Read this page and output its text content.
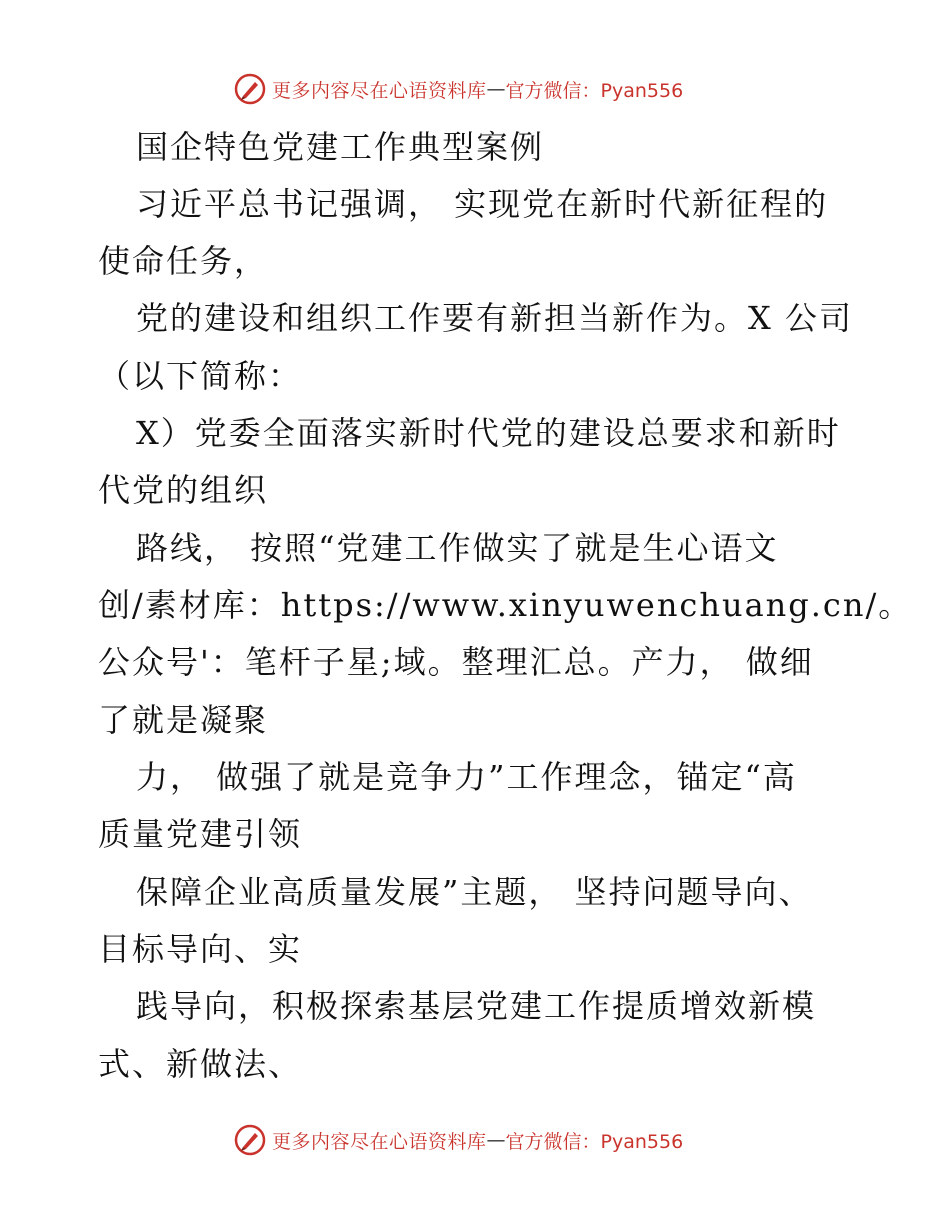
更多内容尽在心语资料库 — 官方微信：Pyan556
国企特色党建工作典型案例
习近平总书记强调， 实现党在新时代新征程的
使命任务，
党的建设和组织工作要有新担当新作为。X 公司
（以下简称：
X）党委全面落实新时代党的建设总要求和新时
代党的组织
路线， 按照“党建工作做实了就是生心语文
创/素材库：https://www.xinyuwenchuang.cn/。
公众号'：笔杆子星;域。整理汇总。产力， 做细
了就是凝聚
力， 做强了就是竞争力”工作理念，锚定“高
质量党建引领
保障企业高质量发展”主题， 坚持问题导向、
目标导向、实
践导向，积极探索基层党建工作提质增效新模
式、新做法、
更多内容尽在心语资料库 — 官方微信：Pyan556
